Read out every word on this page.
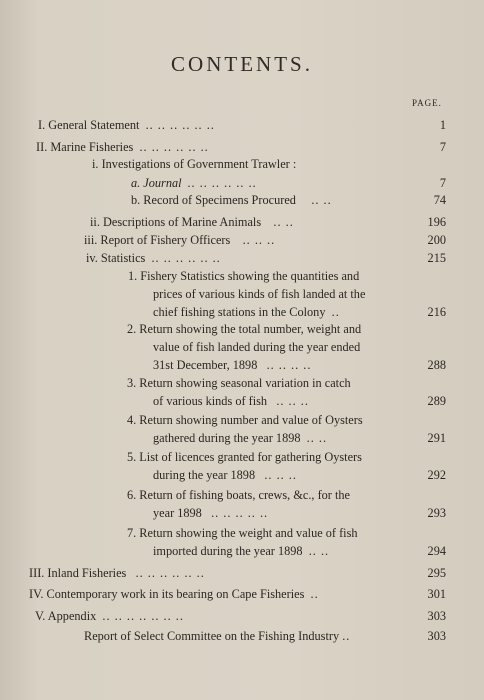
CONTENTS.
PAGE.
I. General Statement .. .. .. .. .. ..	1
II. Marine Fisheries .. .. .. .. .. ..	7
i. Investigations of Government Trawler :
a. Journal .. .. .. .. .. ..	7
b. Record of Specimens Procured .. ..	74
ii. Descriptions of Marine Animals .. ..	196
iii. Report of Fishery Officers .. .. ..	200
iv. Statistics .. .. .. .. .. ..	215
1. Fishery Statistics showing the quantities and
prices of various kinds of fish landed at the
chief fishing stations in the Colony ..	216
2. Return showing the total number, weight and
value of fish landed during the year ended
31st December, 1898 .. .. .. ..	288
3. Return showing seasonal variation in catch
of various kinds of fish .. .. ..	289
4. Return showing number and value of Oysters
gathered during the year 1898 .. ..	291
5. List of licences granted for gathering Oysters
during the year 1898 .. .. ..	292
6. Return of fishing boats, crews, &c., for the
year 1898 .. .. .. .. ..	293
7. Return showing the weight and value of fish
imported during the year 1898 .. ..	294
III. Inland Fisheries .. .. .. .. .. ..	295
IV. Contemporary work in its bearing on Cape Fisheries ..	301
V. Appendix .. .. .. .. .. .. ..	303
Report of Select Committee on the Fishing Industry ..	303
